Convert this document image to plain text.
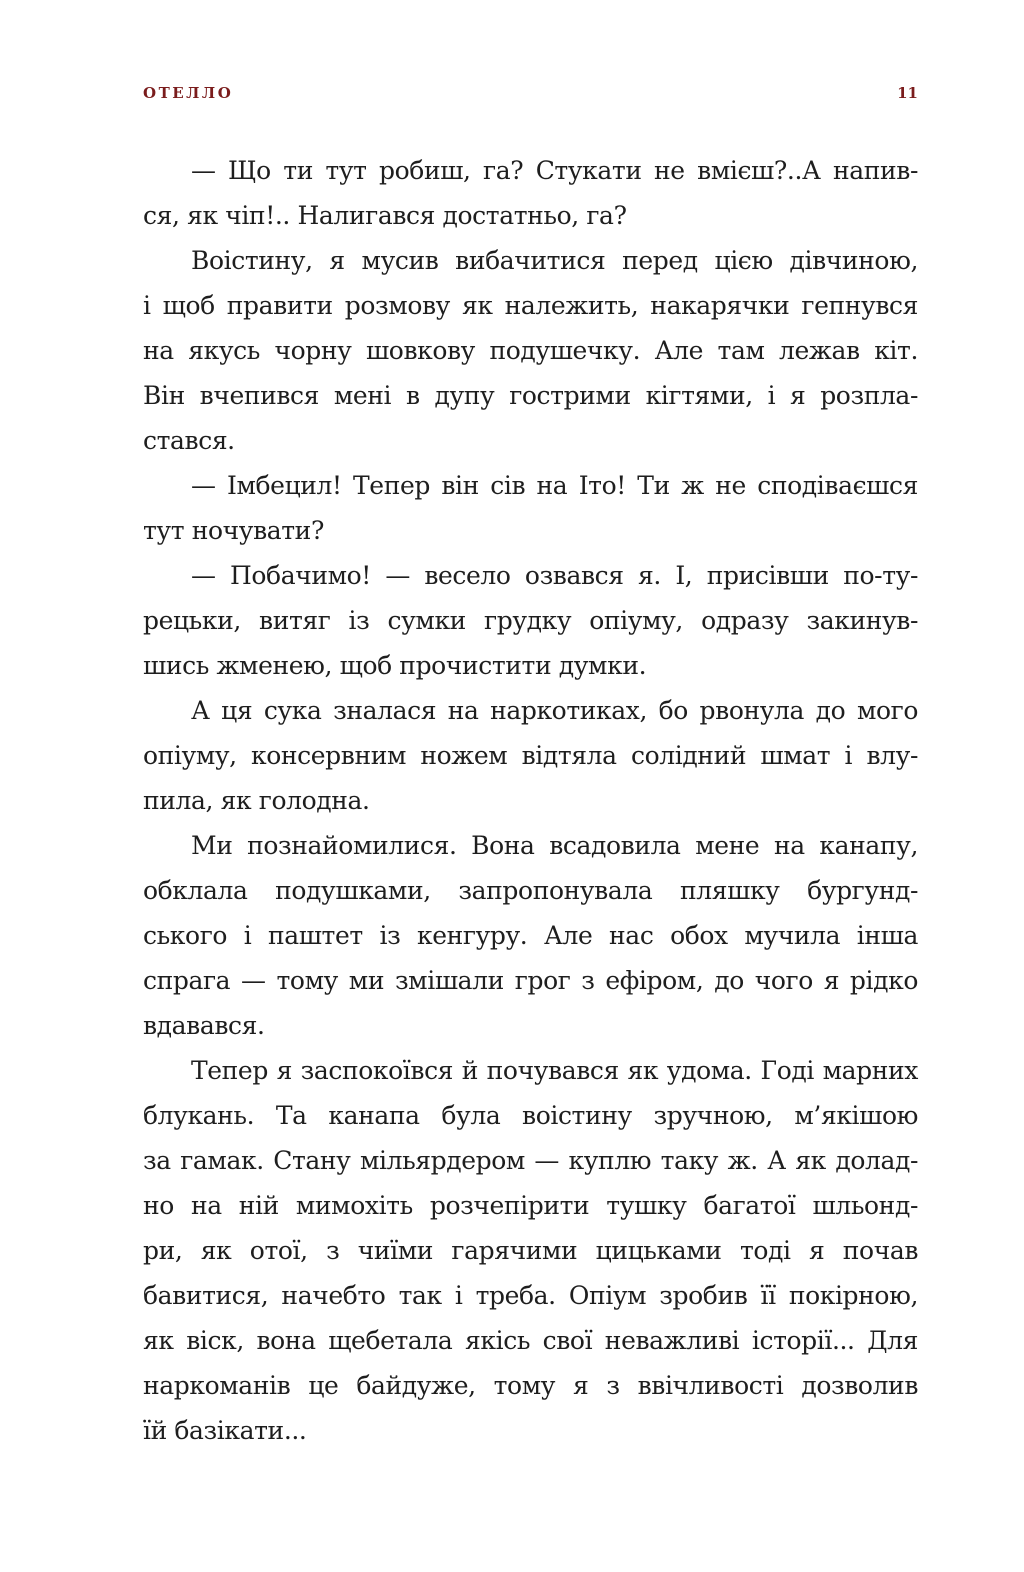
ОТЕЛЛО	11
— Що ти тут робиш, га? Стукати не вмієш?..А напив-
ся, як чіп!.. Налигався достатньо, га?
Воістину, я мусив вибачитися перед цією дівчиною,
і щоб правити розмову як належить, накарячки гепнувся
на якусь чорну шовкову подушечку. Але там лежав кіт.
Він вчепився мені в дупу гострими кігтями, і я розпла-
стався.
— Імбецил! Тепер він сів на Іто! Ти ж не сподіваєшся
тут ночувати?
— Побачимо! — весело озвався я. І, присівши по-ту-
рецьки, витяг із сумки грудку опіуму, одразу закинув-
шись жменею, щоб прочистити думки.
А ця сука зналася на наркотиках, бо рвонула до мого
опіуму, консервним ножем відтяла солідний шмат і влу-
пила, як голодна.
Ми познайомилися. Вона всадовила мене на канапу,
обклала подушками, запропонувала пляшку бургунд-
ського і паштет із кенгуру. Але нас обох мучила інша
спрага — тому ми змішали грог з ефіром, до чого я рідко
вдавався.
Тепер я заспокоївся й почувався як удома. Годі марних
блукань. Та канапа була воістину зручною, м’якішою
за гамак. Стану мільярдером — куплю таку ж. А як долад-
но на ній мимохіть розчепірити тушку багатої шльонд-
ри, як отої, з чиїми гарячими цицьками тоді я почав
бавитися, начебто так і треба. Опіум зробив її покірною,
як віск, вона щебетала якісь свої неважливі історії... Для
наркоманів це байдуже, тому я з ввічливості дозволив
їй базікати...
